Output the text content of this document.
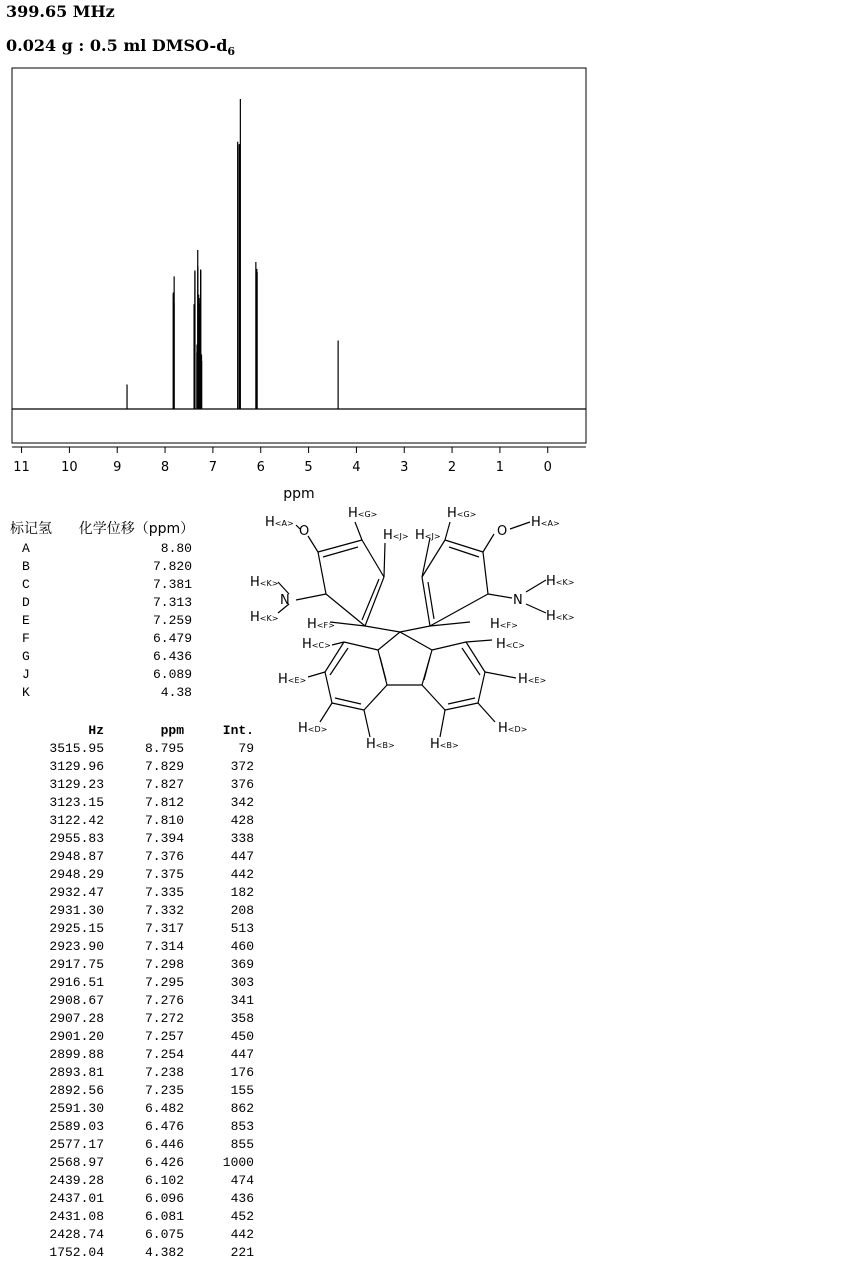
399.65 MHz
0.024 g : 0.5 ml DMSO-$d_6$
11 10	9	8	7	6	5	4	3	2	1	0
ppm
标记氢      化学位移（ppm）
A	8.80
B	7.820
C	7.381
D	7.313
E	7.259
F	6.479
G	6.436
J	6.089
K	4.38
Hz	ppm	Int.
3515.95	8.795	79
3129.96	7.829	372
3129.23	7.827	376
3123.15	7.812	342
3122.42	7.810	428
2955.83	7.394	338
2948.87	7.376	447
2948.29	7.375	442
2932.47	7.335	182
2931.30	7.332	208
2925.15	7.317	513
2923.90	7.314	460
2917.75	7.298	369
2916.51	7.295	303
2908.67	7.276	341
2907.28	7.272	358
2901.20	7.257	450
2899.88	7.254	447
2893.81	7.238	176
2892.56	7.235	155
2591.30	6.482	862
2589.03	6.476	853
2577.17	6.446	855
2568.97	6.426	1000
2439.28	6.102	474
2437.01	6.096	436
2431.08	6.081	452
2428.74	6.075	442
1752.04	4.382	221
H<A>
O
H<G>
H<J>
H<K>
N
H<K> H<F>
H<C>
H<E>
H<D>
H<B>
H<J>
H<G>
O
H<A>
H<K>
N
H<K>
H<F>
H<C>
H<E>
H<D>
H<B>
